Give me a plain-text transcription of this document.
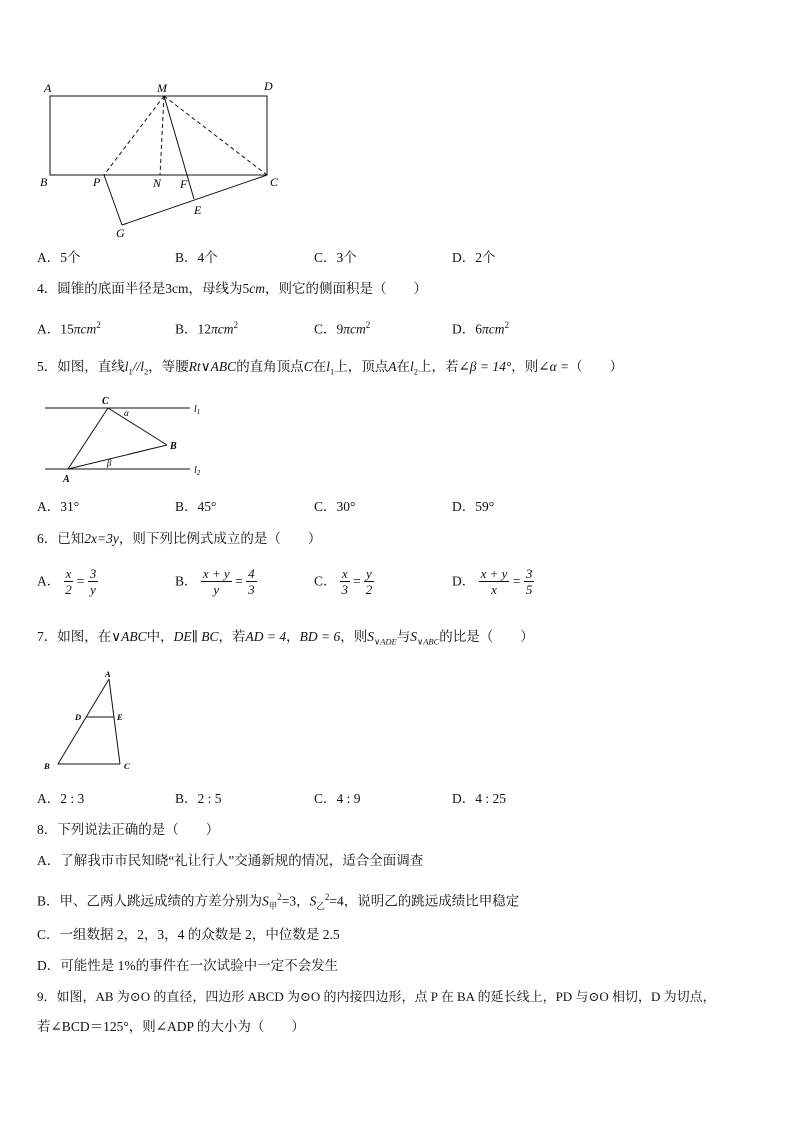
A	M	D
B	P	N F	C
E
G
A．5个	B．4个	C．3个	D．2个
4．圆锥的底面半径是3cm，母线为5cm，则它的侧面积是（　　）
A．15πcm$^2$	B．12πcm$^2$	C．9πcm$^2$	D．6πcm$^2$
5．如图，直线$l_1//l_2$，等腰Rt∨ABC的直角顶点C在$l_1$上，顶点A在$l_2$上，若∠β = 14°，则∠α =（　　）
C
B
A
α
β
$l_1$
$l_2$
A．31°	B．45°	C．30°	D．59°
6．已知2x=3y，则下列比例式成立的是（　　）
A． $\frac{x}{2} = \frac{3}{y}$	B． $\frac{x + y}{y} = \frac{4}{3}$	C． $\frac{x}{3} = \frac{y}{2}$	D． $\frac{x + y}{x} = \frac{3}{5}$
7．如图，在∨ABC中，DE∥ BC，若AD = 4，BD = 6，则$S_{\vee ADE}$与$S_{\vee ABC}$的比是（　　）
A
D	E
B	C
A．2 : 3	B．2 : 5	C．4 : 9	D．4 : 25
8．下列说法正确的是（　　）
A．了解我市市民知晓“礼让行人”交通新规的情况，适合全面调查
B．甲、乙两人跳远成绩的方差分别为$S_甲^2=3$，$S_乙^2=4$，说明乙的跳远成绩比甲稳定
C．一组数据 2，2，3，4 的众数是 2，中位数是 2.5
D．可能性是 1%的事件在一次试验中一定不会发生
9．如图，AB 为⊙O 的直径，四边形 ABCD 为⊙O 的内接四边形，点 P 在 BA 的延长线上，PD 与⊙O 相切，D 为切点，
若∠BCD＝125°，则∠ADP 的大小为（　　）
